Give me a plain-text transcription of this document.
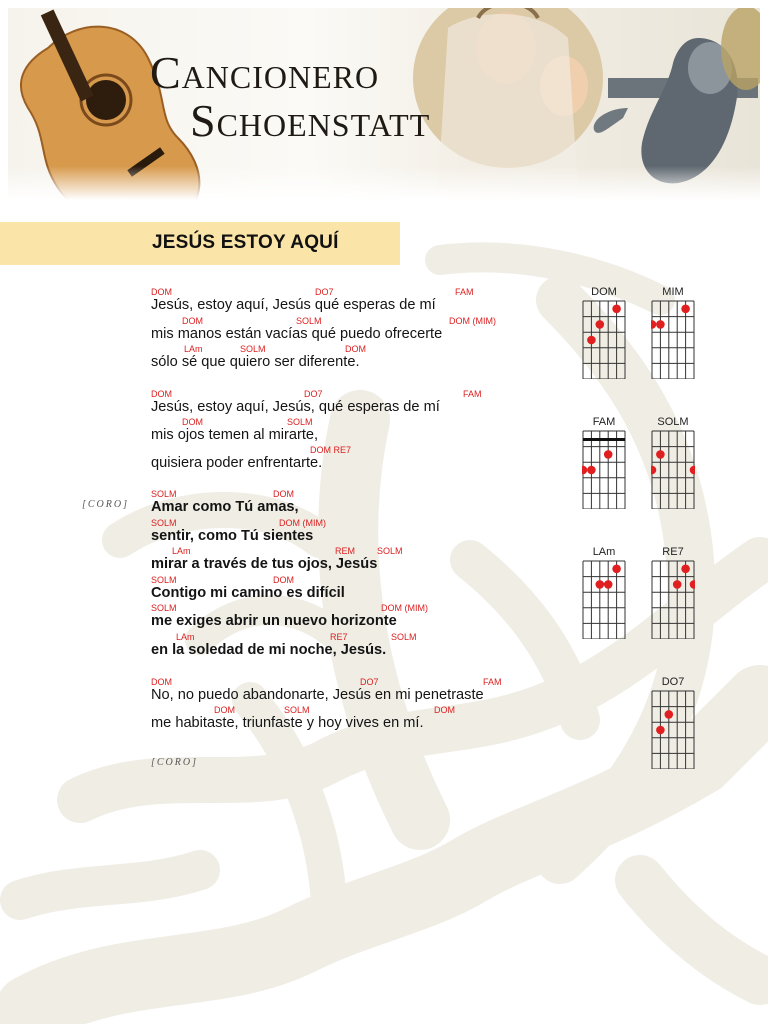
Cancionero
Schoenstatt
JESÚS ESTOY AQUÍ
DOM	DO7	FAM
Jesús, estoy aquí, Jesús qué esperas de mí
DOM	SOLM	DOM (MIM)
mis manos están vacías qué puedo ofrecerte
LAm	SOLM	DOM
sólo sé que quiero ser diferente.
DOM	DO7	FAM
Jesús, estoy aquí, Jesús, qué esperas de mí
DOM	SOLM
mis ojos temen al mirarte,
DOM RE7
quisiera poder enfrentarte.
[CORO]
SOLM	DOM
Amar como Tú amas,
SOLM	DOM (MIM)
sentir, como Tú sientes
LAm	REM SOLM
mirar a través de tus ojos, Jesús
SOLM	DOM
Contigo mi camino es difícil
SOLM	DOM (MIM)
me exiges abrir un nuevo horizonte
LAm	RE7	SOLM
en la soledad de mi noche, Jesús.
DOM	DO7	FAM
No, no puedo abandonarte, Jesús en mi penetraste
DOM	SOLM	DOM
me habitaste, triunfaste y hoy vives en mí.
[CORO]
DOM	MIM
FAM	SOLM
LAm	RE7
DO7
